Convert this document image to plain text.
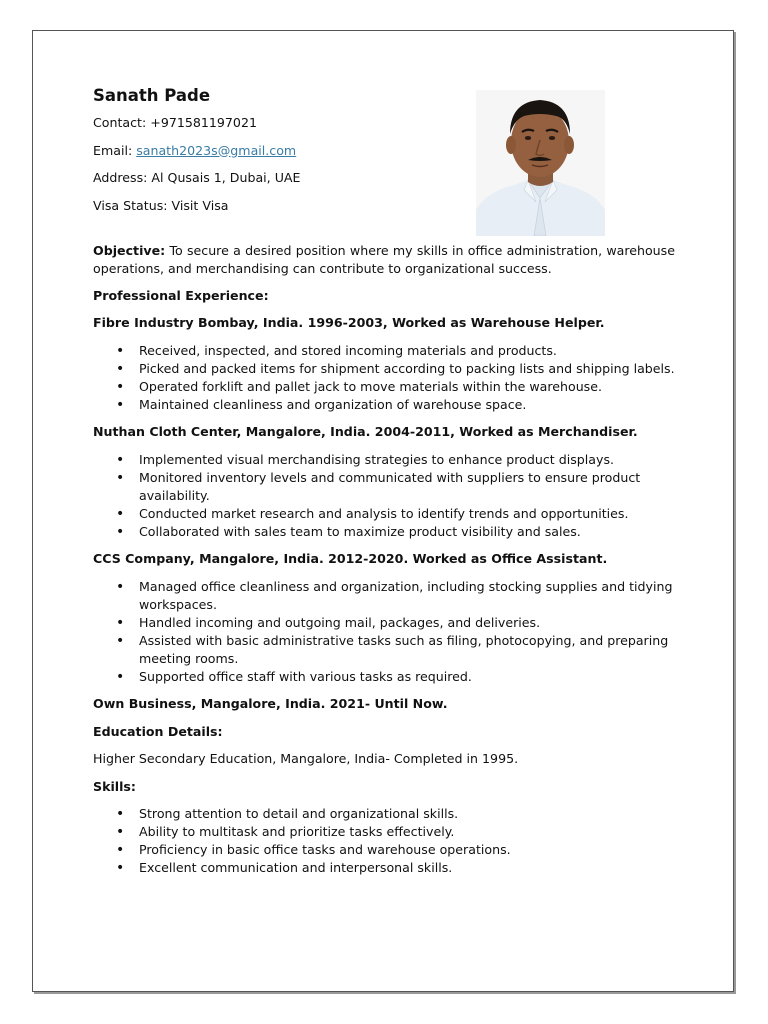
Sanath Pade
Contact: +971581197021
Email: sanath2023s@gmail.com
Address: Al Qusais 1, Dubai, UAE
Visa Status: Visit Visa
Objective: To secure a desired position where my skills in office administration, warehouse operations, and merchandising can contribute to organizational success.
Professional Experience:
Fibre Industry Bombay, India. 1996-2003, Worked as Warehouse Helper.
• Received, inspected, and stored incoming materials and products.
• Picked and packed items for shipment according to packing lists and shipping labels.
• Operated forklift and pallet jack to move materials within the warehouse.
• Maintained cleanliness and organization of warehouse space.
Nuthan Cloth Center, Mangalore, India. 2004-2011, Worked as Merchandiser.
• Implemented visual merchandising strategies to enhance product displays.
• Monitored inventory levels and communicated with suppliers to ensure product availability.
• Conducted market research and analysis to identify trends and opportunities.
• Collaborated with sales team to maximize product visibility and sales.
CCS Company, Mangalore, India. 2012-2020. Worked as Office Assistant.
• Managed office cleanliness and organization, including stocking supplies and tidying workspaces.
• Handled incoming and outgoing mail, packages, and deliveries.
• Assisted with basic administrative tasks such as filing, photocopying, and preparing meeting rooms.
• Supported office staff with various tasks as required.
Own Business, Mangalore, India. 2021- Until Now.
Education Details:
Higher Secondary Education, Mangalore, India- Completed in 1995.
Skills:
• Strong attention to detail and organizational skills.
• Ability to multitask and prioritize tasks effectively.
• Proficiency in basic office tasks and warehouse operations.
• Excellent communication and interpersonal skills.
